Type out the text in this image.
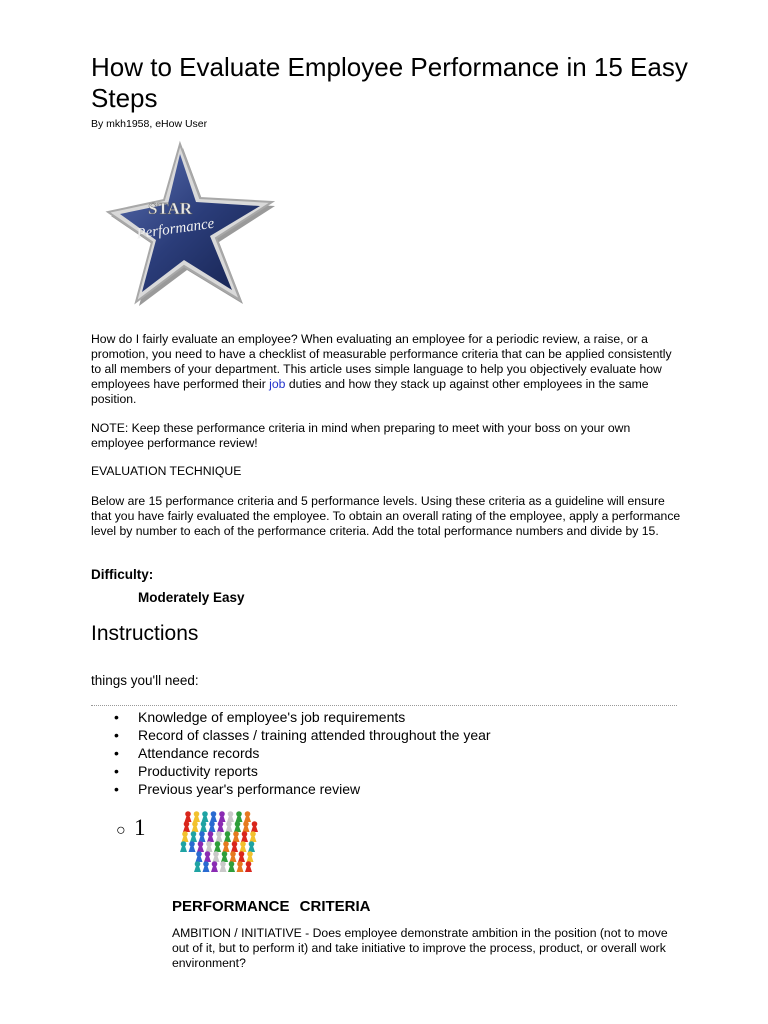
How to Evaluate Employee Performance in 15 Easy Steps
By mkh1958, eHow User
STAR
Performance

How do I fairly evaluate an employee? When evaluating an employee for a periodic review, a raise, or a promotion, you need to have a checklist of measurable performance criteria that can be applied consistently to all members of your department. This article uses simple language to help you objectively evaluate how employees have performed their job duties and how they stack up against other employees in the same position.

NOTE: Keep these performance criteria in mind when preparing to meet with your boss on your own employee performance review!

EVALUATION TECHNIQUE

Below are 15 performance criteria and 5 performance levels. Using these criteria as a guideline will ensure that you have fairly evaluated the employee. To obtain an overall rating of the employee, apply a performance level by number to each of the performance criteria. Add the total performance numbers and divide by 15.

Difficulty:
Moderately Easy
Instructions
things you'll need:
• Knowledge of employee's job requirements
• Record of classes / training attended throughout the year
• Attendance records
• Productivity reports
• Previous year's performance review
○ 1
PERFORMANCE CRITERIA

AMBITION / INITIATIVE - Does employee demonstrate ambition in the position (not to move out of it, but to perform it) and take initiative to improve the process, product, or overall work environment?
